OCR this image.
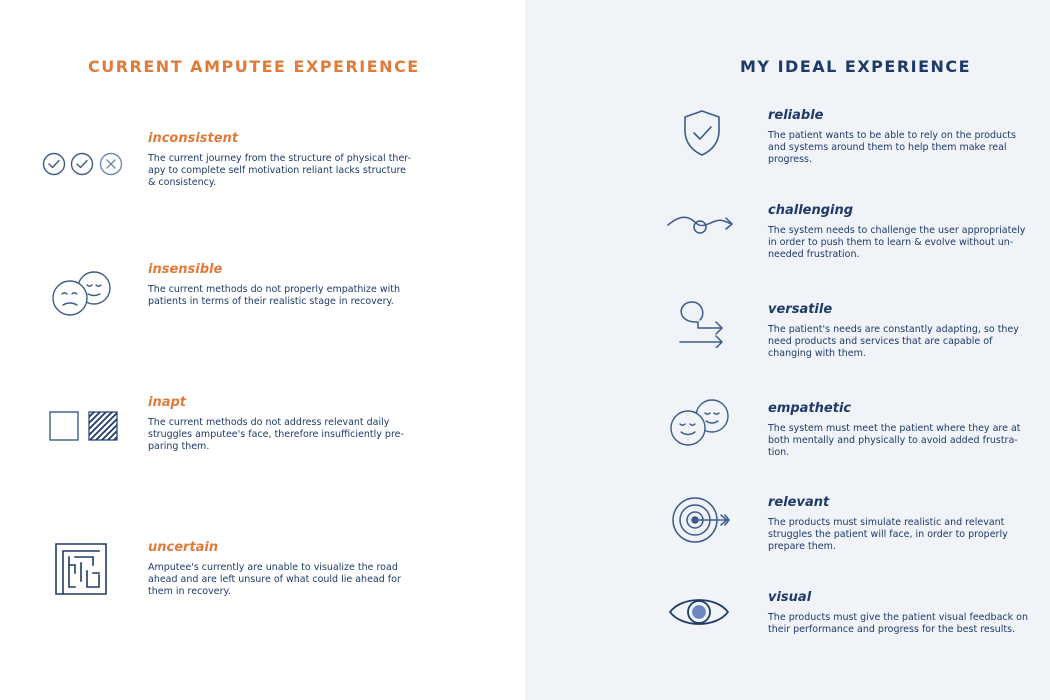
CURRENT AMPUTEE EXPERIENCE	MY IDEAL EXPERIENCE

inconsistent

The current journey from the structure of physical ther-apy to complete self motivation reliant lacks structure & consistency.

insensible

The current methods do not properly empathize with patients in terms of their realistic stage in recovery.

inapt

The current methods do not address relevant daily struggles amputee's face, therefore insufficiently pre-paring them.

uncertain

Amputee's currently are unable to visualize the road ahead and are left unsure of what could lie ahead for them in recovery.

reliable

The patient wants to be able to rely on the products and systems around them to help them make real progress.

challenging

The system needs to challenge the user appropriately in order to push them to learn & evolve without un-needed frustration.

versatile

The patient's needs are constantly adapting, so they need products and services that are capable of changing with them.

empathetic

The system must meet the patient where they are at both mentally and physically to avoid added frustra-tion.

relevant

The products must simulate realistic and relevant struggles the patient will face, in order to properly prepare them.

visual

The products must give the patient visual feedback on their performance and progress for the best results.
